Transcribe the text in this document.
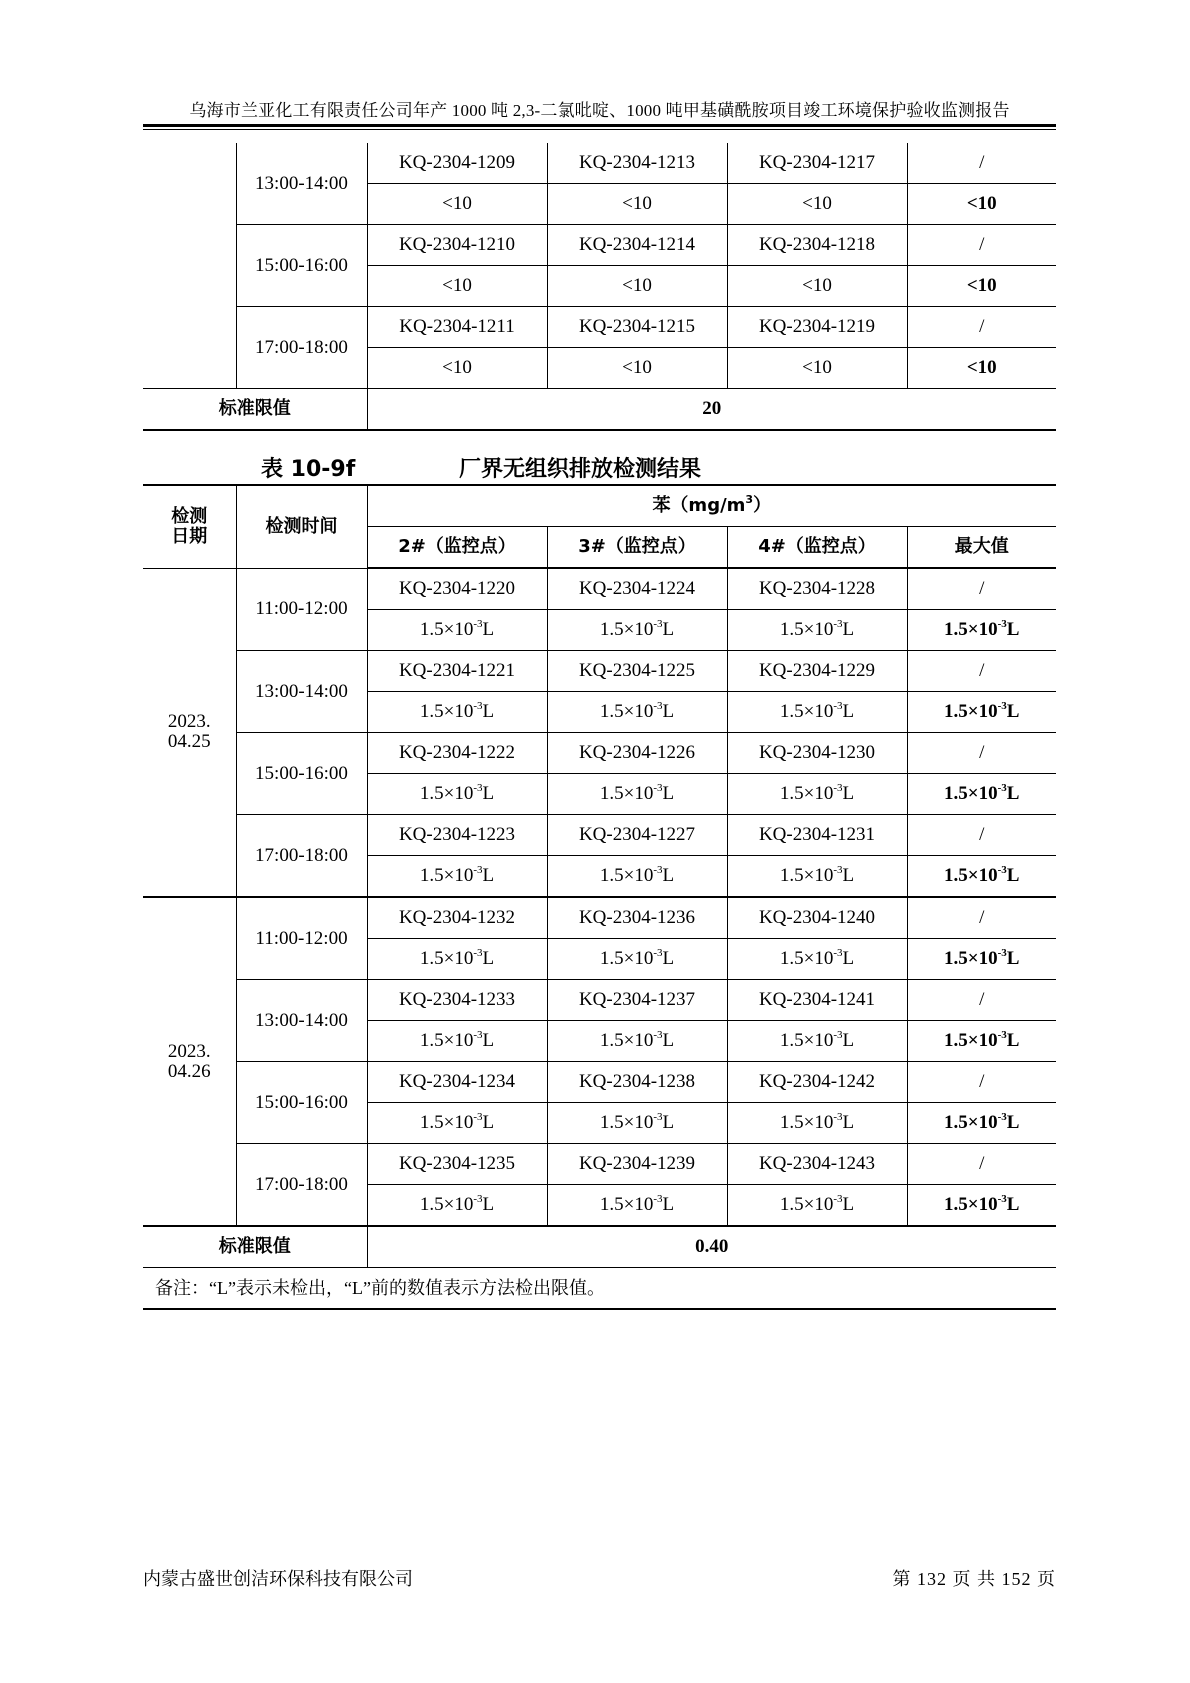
乌海市兰亚化工有限责任公司年产 1000 吨 2,3-二氯吡啶、1000 吨甲基磺酰胺项目竣工环境保护验收监测报告
	13:00-14:00	KQ-2304-1209	KQ-2304-1213	KQ-2304-1217	/
		<10	<10	<10	<10
	15:00-16:00	KQ-2304-1210	KQ-2304-1214	KQ-2304-1218	/
		<10	<10	<10	<10
	17:00-18:00	KQ-2304-1211	KQ-2304-1215	KQ-2304-1219	/
		<10	<10	<10	<10
标准限值		20			
表 10-9f	厂界无组织排放检测结果
检测
日期	检测时间	苯$(mg/m^3)$			
		2#（监控点）	3#（监控点）	4#（监控点）	最大值
2023.
04.25	11:00-12:00	KQ-2304-1220	KQ-2304-1224	KQ-2304-1228	/
		$1.5\times 10^{-3}L$	$1.5\times 10^{-3}L$	$1.5\times 10^{-3}L$	$1.5\times 10^{-3}L$
	13:00-14:00	KQ-2304-1221	KQ-2304-1225	KQ-2304-1229	/
		$1.5\times 10^{-3}L$	$1.5\times 10^{-3}L$	$1.5\times 10^{-3}L$	$1.5\times 10^{-3}L$
	15:00-16:00	KQ-2304-1222	KQ-2304-1226	KQ-2304-1230	/
		$1.5\times 10^{-3}L$	$1.5\times 10^{-3}L$	$1.5\times 10^{-3}L$	$1.5\times 10^{-3}L$
	17:00-18:00	KQ-2304-1223	KQ-2304-1227	KQ-2304-1231	/
		$1.5\times 10^{-3}L$	$1.5\times 10^{-3}L$	$1.5\times 10^{-3}L$	$1.5\times 10^{-3}L$
2023.
04.26	11:00-12:00	KQ-2304-1232	KQ-2304-1236	KQ-2304-1240	/
		$1.5\times 10^{-3}L$	$1.5\times 10^{-3}L$	$1.5\times 10^{-3}L$	$1.5\times 10^{-3}L$
	13:00-14:00	KQ-2304-1233	KQ-2304-1237	KQ-2304-1241	/
		$1.5\times 10^{-3}L$	$1.5\times 10^{-3}L$	$1.5\times 10^{-3}L$	$1.5\times 10^{-3}L$
	15:00-16:00	KQ-2304-1234	KQ-2304-1238	KQ-2304-1242	/
		$1.5\times 10^{-3}L$	$1.5\times 10^{-3}L$	$1.5\times 10^{-3}L$	$1.5\times 10^{-3}L$
	17:00-18:00	KQ-2304-1235	KQ-2304-1239	KQ-2304-1243	/
		$1.5\times 10^{-3}L$	$1.5\times 10^{-3}L$	$1.5\times 10^{-3}L$	$1.5\times 10^{-3}L$
标准限值		0.40			
备注：“L”表示未检出，“L”前的数值表示方法检出限值。					
内蒙古盛世创洁环保科技有限公司	第 132 页 共 152 页
